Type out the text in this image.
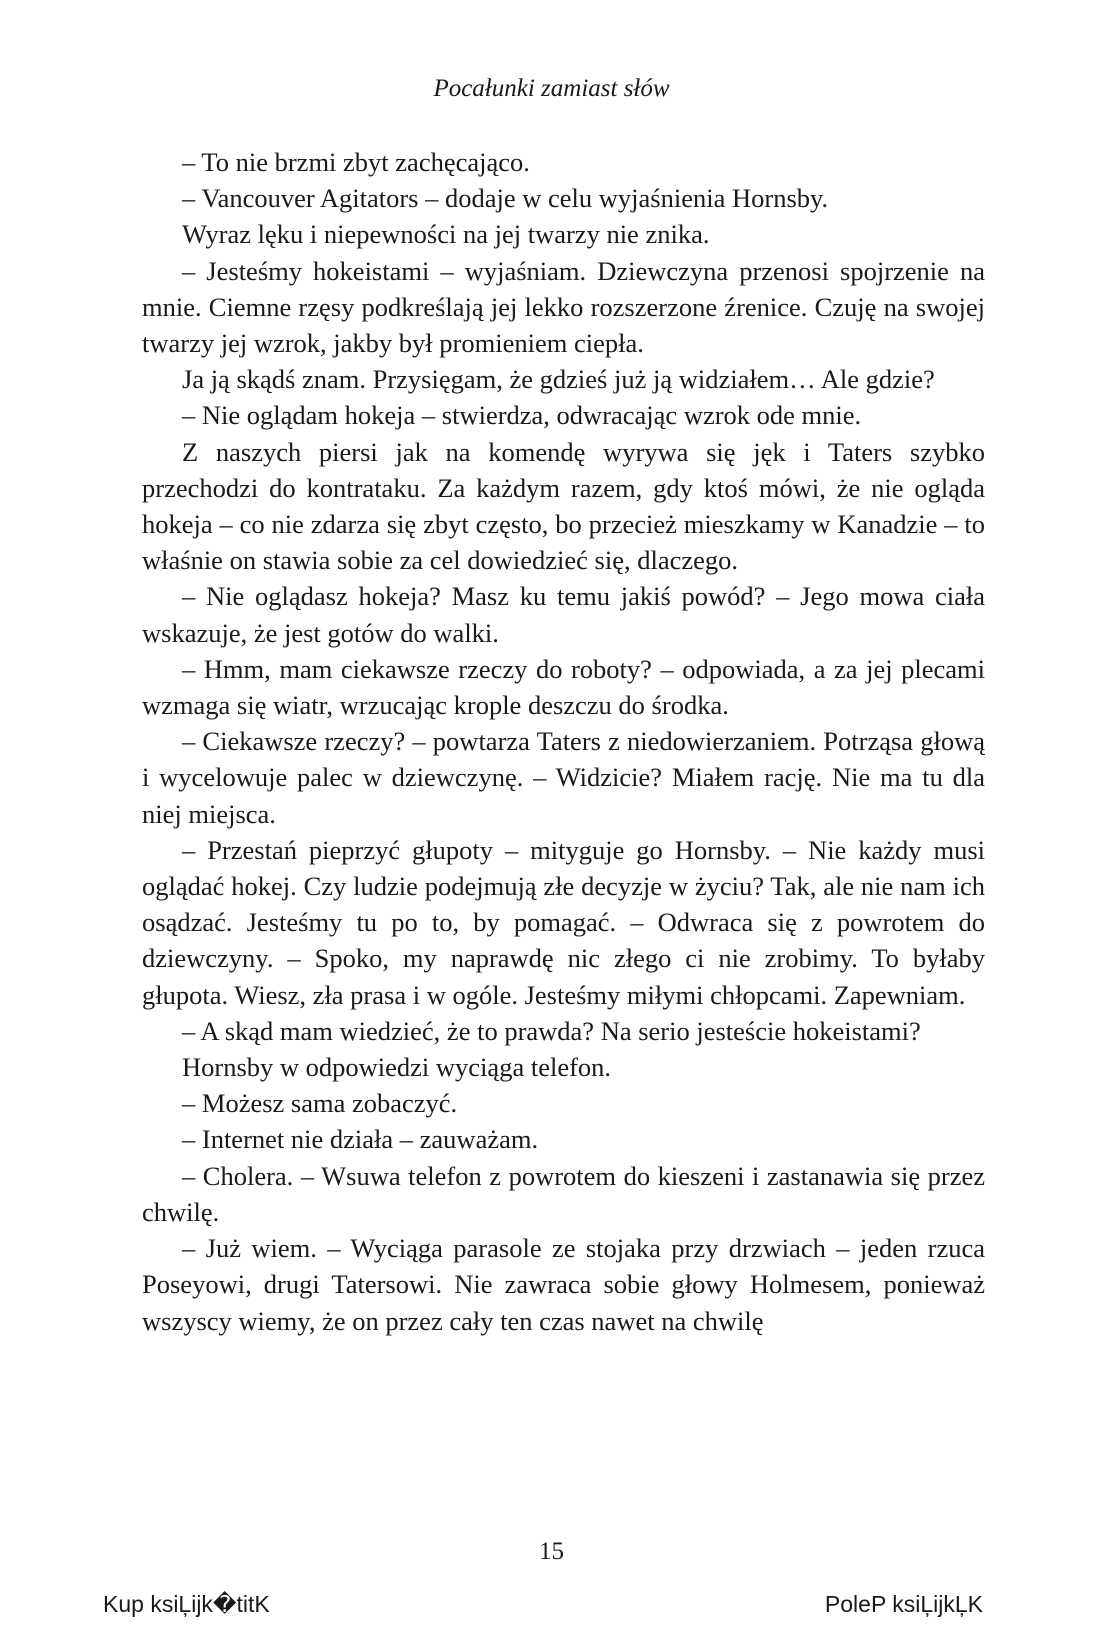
Pocałunki zamiast słów

– To nie brzmi zbyt zachęcająco.

– Vancouver Agitators – dodaje w celu wyjaśnienia Hornsby.

Wyraz lęku i niepewności na jej twarzy nie znika.

– Jesteśmy hokeistami – wyjaśniam. Dziewczyna przenosi spojrzenie na mnie. Ciemne rzęsy podkreślają jej lekko rozszerzone źrenice. Czuję na swojej twarzy jej wzrok, jakby był promieniem ciepła.

Ja ją skądś znam. Przysięgam, że gdzieś już ją widziałem… Ale gdzie?

– Nie oglądam hokeja – stwierdza, odwracając wzrok ode mnie.

Z naszych piersi jak na komendę wyrywa się jęk i Taters szybko przechodzi do kontrataku. Za każdym razem, gdy ktoś mówi, że nie ogląda hokeja – co nie zdarza się zbyt często, bo przecież mieszkamy w Kanadzie – to właśnie on stawia sobie za cel dowiedzieć się, dlaczego.

– Nie oglądasz hokeja? Masz ku temu jakiś powód? – Jego mowa ciała wskazuje, że jest gotów do walki.

– Hmm, mam ciekawsze rzeczy do roboty? – odpowiada, a za jej plecami wzmaga się wiatr, wrzucając krople deszczu do środka.

– Ciekawsze rzeczy? – powtarza Taters z niedowierzaniem. Potrząsa głową i wycelowuje palec w dziewczynę. – Widzicie? Miałem rację. Nie ma tu dla niej miejsca.

– Przestań pieprzyć głupoty – mityguje go Hornsby. – Nie każdy musi oglądać hokej. Czy ludzie podejmują złe decyzje w życiu? Tak, ale nie nam ich osądzać. Jesteśmy tu po to, by pomagać. – Odwraca się z powrotem do dziewczyny. – Spoko, my naprawdę nic złego ci nie zrobimy. To byłaby głupota. Wiesz, zła prasa i w ogóle. Jesteśmy miłymi chłopcami. Zapewniam.

– A skąd mam wiedzieć, że to prawda? Na serio jesteście hokeistami?

Hornsby w odpowiedzi wyciąga telefon.

– Możesz sama zobaczyć.

– Internet nie działa – zauważam.

– Cholera. – Wsuwa telefon z powrotem do kieszeni i zastanawia się przez chwilę.

– Już wiem. – Wyciąga parasole ze stojaka przy drzwiach – jeden rzuca Poseyowi, drugi Tatersowi. Nie zawraca sobie głowy Holmesem, ponieważ wszyscy wiemy, że on przez cały ten czas nawet na chwilę

15
Kup ksiĻĳk�titK	PoleP ksiĻĳkĻK
